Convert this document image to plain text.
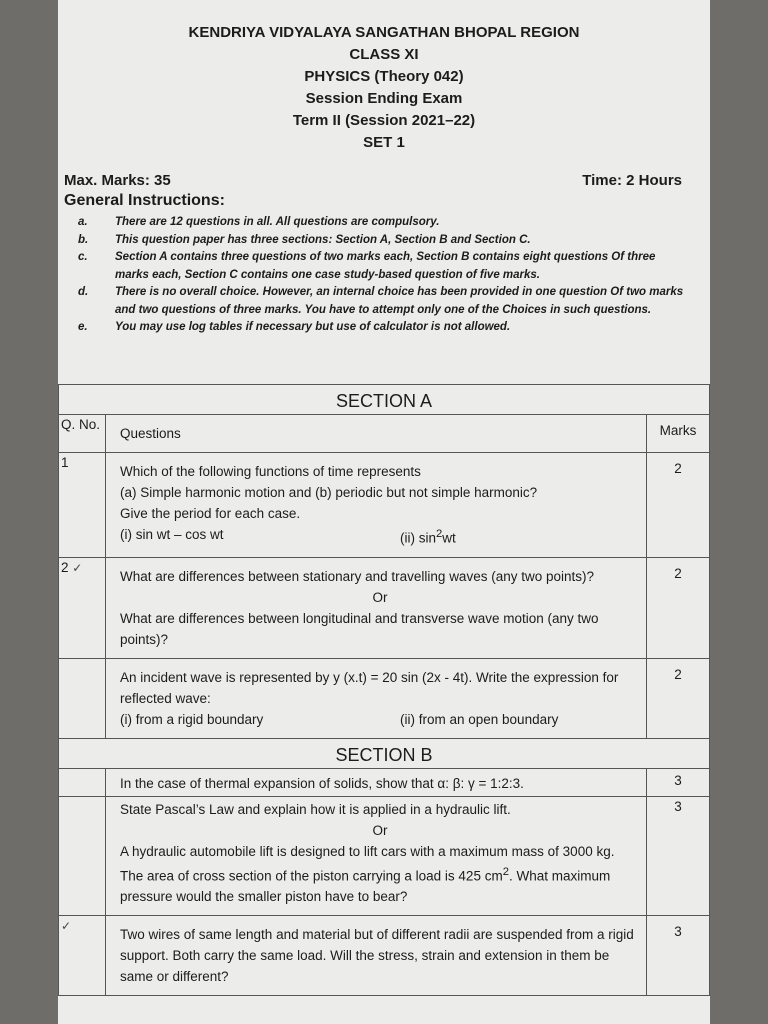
KENDRIYA VIDYALAYA SANGATHAN BHOPAL REGION
CLASS XI
PHYSICS (Theory 042)
Session Ending Exam
Term II (Session 2021–22)
SET 1
Max. Marks: 35	Time: 2 Hours
General Instructions:
a.	There are 12 questions in all. All questions are compulsory.
b.	This question paper has three sections: Section A, Section B and Section C.
c.	Section A contains three questions of two marks each, Section B contains eight questions Of three marks each, Section C contains one case study-based question of five marks.
d.	There is no overall choice. However, an internal choice has been provided in one question Of two marks and two questions of three marks. You have to attempt only one of the Choices in such questions.
e.	You may use log tables if necessary but use of calculator is not allowed.
SECTION A		
Q. No.	Questions	Marks
1	Which of the following functions of time represents
(a) Simple harmonic motion and (b) periodic but not simple harmonic?
Give the period for each case.
(i) sin wt – cos wt (ii) $\sin^2wt$	2
2 ✓	What are differences between stationary and travelling waves (any two points)?
Or
What are differences between longitudinal and transverse wave motion (any two points)?	2

	An incident wave is represented by y (x.t) = 20 sin (2x - 4t). Write the expression for reflected wave:
(i) from a rigid boundary (ii) from an open boundary	2
SECTION B		
	In the case of thermal expansion of solids, show that α: β: γ = 1:2:3.	3

	State Pascal’s Law and explain how it is applied in a hydraulic lift.
Or
A hydraulic automobile lift is designed to lift cars with a maximum mass of 3000 kg. The area of cross section of the piston carrying a load is 425 $cm^2$. What maximum pressure would the smaller piston have to bear?	3
✓	Two wires of same length and material but of different radii are suspended from a rigid support. Both carry the same load. Will the stress, strain and extension in them be same or different?	3
